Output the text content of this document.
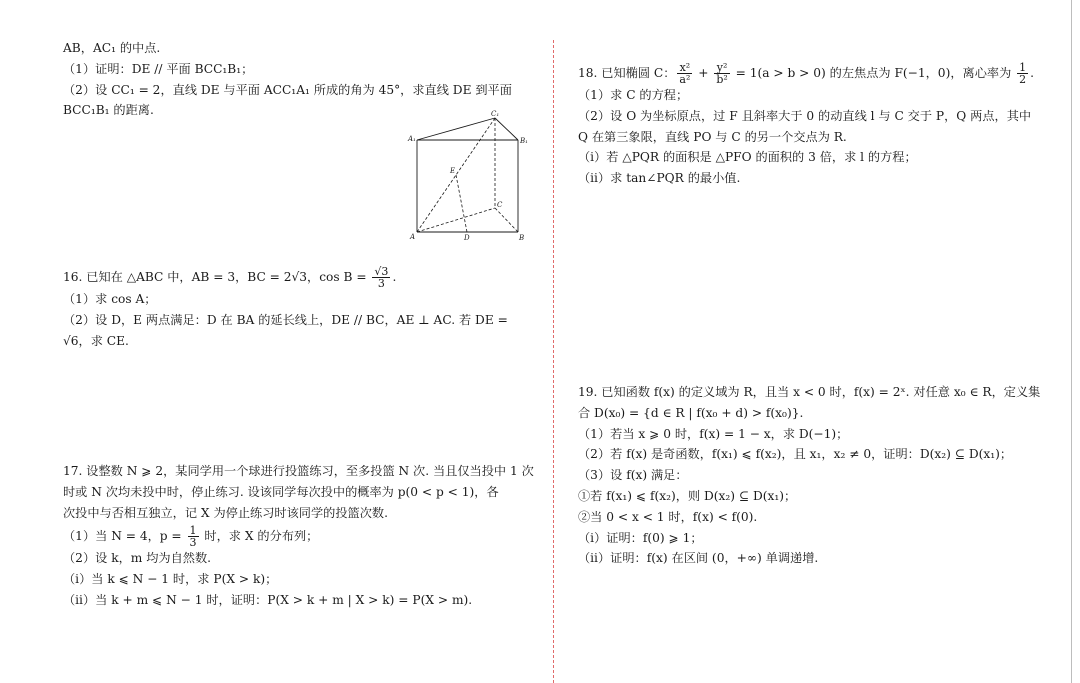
AB，AC₁ 的中点.
（1）证明：DE // 平面 BCC₁B₁；
（2）设 CC₁ = 2，直线 DE 与平面 ACC₁A₁ 所成的角为 45°，求直线 DE 到平面
BCC₁B₁ 的距离.
A₁
C₁
B₁
E
C
A	D	B
16. 已知在 △ABC 中，AB = 3，BC = 2√3，$\cos B = \frac{√3}{3}$ .
（1）求 cos A；
（2）设 D，E 两点满足：D 在 BA 的延长线上，DE // BC，AE ⊥ AC. 若 DE =
√6，求 CE.
17. 设整数 N ⩾ 2，某同学用一个球进行投篮练习，至多投篮 N 次. 当且仅当投中 1 次
时或 N 次均未投中时，停止练习. 设该同学每次投中的概率为 p(0 < p < 1)，各
次投中与否相互独立，记 X 为停止练习时该同学的投篮次数.
（1）当 N = 4，$p = \frac{1}{3}$ 时，求 X 的分布列；
（2）设 k，m 均为自然数.
（ⅰ）当 k ⩽ N − 1 时，求 P(X > k)；
（ⅱ）当 k + m ⩽ N − 1 时，证明：P(X > k + m | X > k) = P(X > m).
18. 已知椭圆 C： $\frac{\text{x²}}{\text{a²}} + \frac{\text{y²}}{\text{b²}} = 1(a > b > 0)$ 的左焦点为 F(−1，0)，离心率为 $\frac{1}{2}$ .
（1）求 C 的方程；
（2）设 O 为坐标原点，过 F 且斜率大于 0 的动直线 l 与 C 交于 P，Q 两点，其中
Q 在第三象限，直线 PO 与 C 的另一个交点为 R.
（ⅰ）若 △PQR 的面积是 △PFO 的面积的 3 倍，求 l 的方程；
（ⅱ）求 tan∠PQR 的最小值.
19. 已知函数 f(x) 的定义域为 R，且当 x < 0 时，f(x) = 2ˣ. 对任意 x₀ ∈ R，定义集
合 D(x₀) = {d ∈ R | f(x₀ + d) > f(x₀)}.
（1）若当 x ⩾ 0 时，f(x) = 1 − x，求 D(−1)；
（2）若 f(x) 是奇函数，f(x₁) ⩽ f(x₂)，且 x₁，x₂ ≠ 0，证明：D(x₂) ⊆ D(x₁)；
（3）设 f(x) 满足：
①若 f(x₁) ⩽ f(x₂)，则 D(x₂) ⊆ D(x₁)；
②当 0 < x < 1 时，f(x) < f(0).
（ⅰ）证明：f(0) ⩾ 1；
（ⅱ）证明：f(x) 在区间 (0，+∞) 单调递增.
